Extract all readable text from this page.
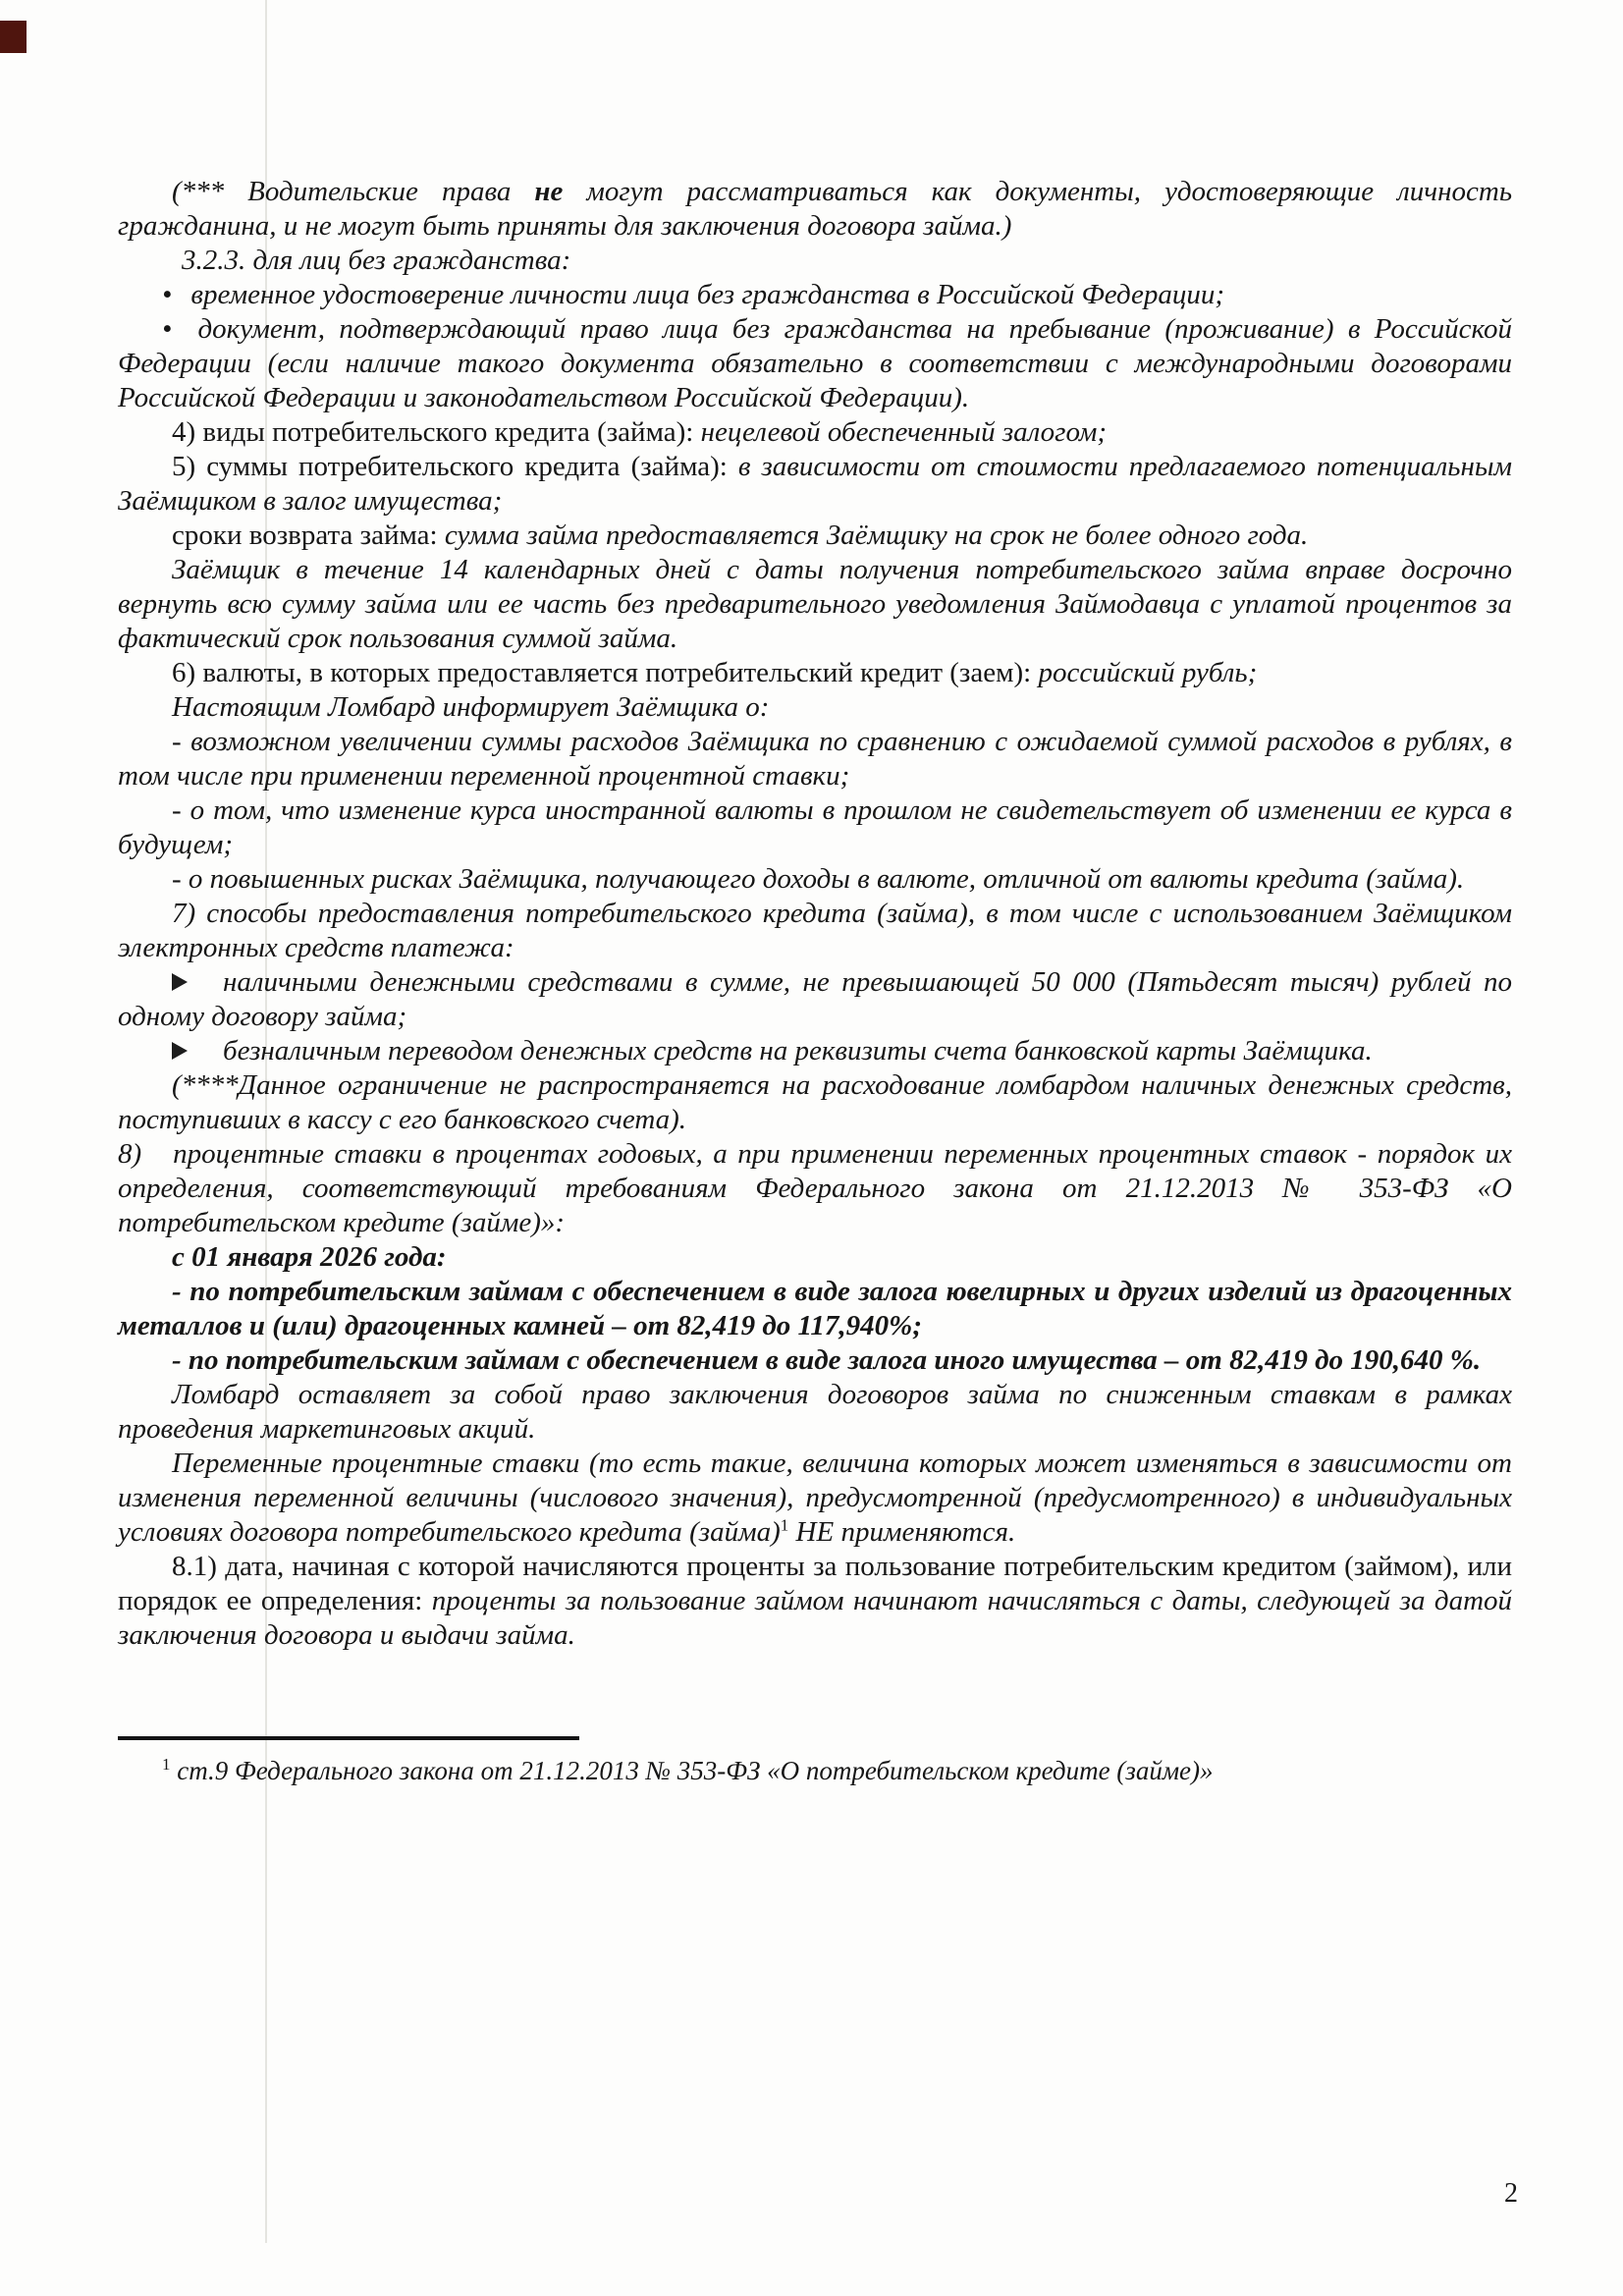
(*** Водительские права не могут рассматриваться как документы, удостоверяющие личность гражданина, и не могут быть приняты для заключения договора займа.)

3.2.3. для лиц без гражданства:

• временное удостоверение личности лица без гражданства в Российской Федерации;

• документ, подтверждающий право лица без гражданства на пребывание (проживание) в Российской Федерации (если наличие такого документа обязательно в соответствии с международными договорами Российской Федерации и законодательством Российской Федерации).

4) виды потребительского кредита (займа): нецелевой обеспеченный залогом;

5) суммы потребительского кредита (займа): в зависимости от стоимости предлагаемого потенциальным Заёмщиком в залог имущества;

сроки возврата займа: сумма займа предоставляется Заёмщику на срок не более одного года.

Заёмщик в течение 14 календарных дней с даты получения потребительского займа вправе досрочно вернуть всю сумму займа или ее часть без предварительного уведомления Займодавца с уплатой процентов за фактический срок пользования суммой займа.

6) валюты, в которых предоставляется потребительский кредит (заем): российский рубль;

Настоящим Ломбард информирует Заёмщика о:

- возможном увеличении суммы расходов Заёмщика по сравнению с ожидаемой суммой расходов в рублях, в том числе при применении переменной процентной ставки;

- о том, что изменение курса иностранной валюты в прошлом не свидетельствует об изменении ее курса в будущем;

- о повышенных рисках Заёмщика, получающего доходы в валюте, отличной от валюты кредита (займа).

7) способы предоставления потребительского кредита (займа), в том числе с использованием Заёмщиком электронных средств платежа:

наличными денежными средствами в сумме, не превышающей 50 000 (Пятьдесят тысяч) рублей по одному договору займа;

безналичным переводом денежных средств на реквизиты счета банковской карты Заёмщика.

(****Данное ограничение не распространяется на расходование ломбардом наличных денежных средств, поступивших в кассу с его банковского счета).

8) процентные ставки в процентах годовых, а при применении переменных процентных ставок - порядок их определения, соответствующий требованиям Федерального закона от 21.12.2013 № 353-ФЗ «О потребительском кредите (займе)»:

с 01 января 2026 года:

- по потребительским займам с обеспечением в виде залога ювелирных и других изделий из драгоценных металлов и (или) драгоценных камней – от 82,419 до 117,940%;

- по потребительским займам с обеспечением в виде залога иного имущества – от 82,419 до 190,640 %.

Ломбард оставляет за собой право заключения договоров займа по сниженным ставкам в рамках проведения маркетинговых акций.

Переменные процентные ставки (то есть такие, величина которых может изменяться в зависимости от изменения переменной величины (числового значения), предусмотренной (предусмотренного) в индивидуальных условиях договора потребительского кредита (займа)$^1$ НЕ применяются.

8.1) дата, начиная с которой начисляются проценты за пользование потребительским кредитом (займом), или порядок ее определения: проценты за пользование займом начинают начисляться с даты, следующей за датой заключения договора и выдачи займа.

$^1$ ст.9 Федерального закона от 21.12.2013 № 353-ФЗ «О потребительском кредите (займе)»

2
